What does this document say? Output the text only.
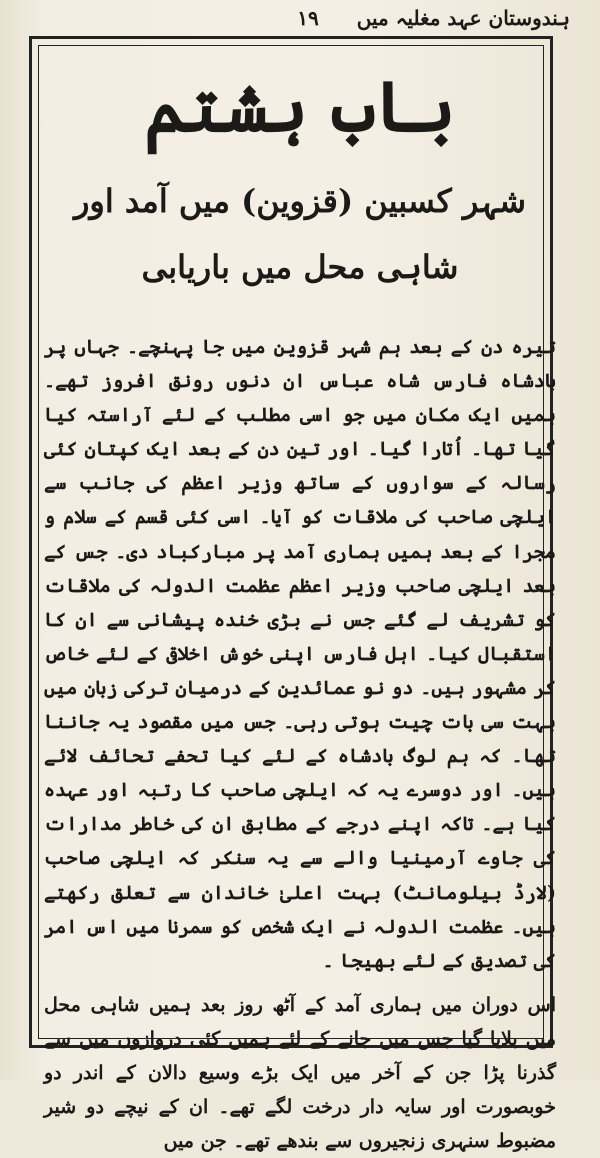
ہندوستان عہد مغلیہ میں
۱۹
باب ہشتم
شہر کسبین (قزوین) میں آمد اور شاہی محل میں باریابی

تیرہ دن کے بعد ہم شہر قزوین میں جا پہنچے۔ جہاں پر بادشاہ فارس شاہ عباس ان دنوں رونق افروز تھے۔ ہمیں ایک مکان میں جو اسی مطلب کے لئے آراستہ کیا گیا تھا۔ اُتارا گیا۔ اور تین دن کے بعد ایک کپتان کئی رسالہ کے سواروں کے ساتھ وزیر اعظم کی جانب سے ایلچی صاحب کی ملاقات کو آیا۔ اسی کئی قسم کے سلام و مجرا کے بعد ہمیں ہماری آمد پر مبارکباد دی۔ جس کے بعد ایلچی صاحب وزیر اعظم عظمت الدولہ کی ملاقات کو تشریف لے گئے جس نے بڑی خندہ پیشانی سے ان کا استقبال کیا۔ اہل فارس اپنی خوش اخلاقی کے لئے خاص کر مشہور ہیں۔ دو نو عمائدین کے درمیان ترکی زبان میں بہت سی بات چیت ہوتی رہی۔ جس میں مقصود یہ جاننا تھا۔ کہ ہم لوگ بادشاہ کے لئے کیا تحفے تحائف لائے ہیں۔ اور دوسرے یہ کہ ایلچی صاحب کا رتبہ اور عہدہ کیا ہے۔ تاکہ اپنے درجے کے مطابق ان کی خاطر مدارات کی جاوے آرمینیا والے سے یہ سنکر کہ ایلچی صاحب (لارڈ بیلومانٹ) بہت اعلیٰ خاندان سے تعلق رکھتے ہیں۔ عظمت الدولہ نے ایک شخص کو سمرنا میں اس امر کی تصدیق کے لئے بھیجا ۔

اس دوران میں ہماری آمد کے آٹھ روز بعد ہمیں شاہی محل میں بلایا گیا جس میں جانے کے لئے ہمیں کئی دروازوں میں سے گذرنا پڑا جن کے آخر میں ایک بڑے وسیع دالان کے اندر دو خوبصورت اور سایہ دار درخت لگے تھے۔ ان کے نیچے دو شیر مضبوط سنہری زنجیروں سے بندھے تھے۔ جن میں
